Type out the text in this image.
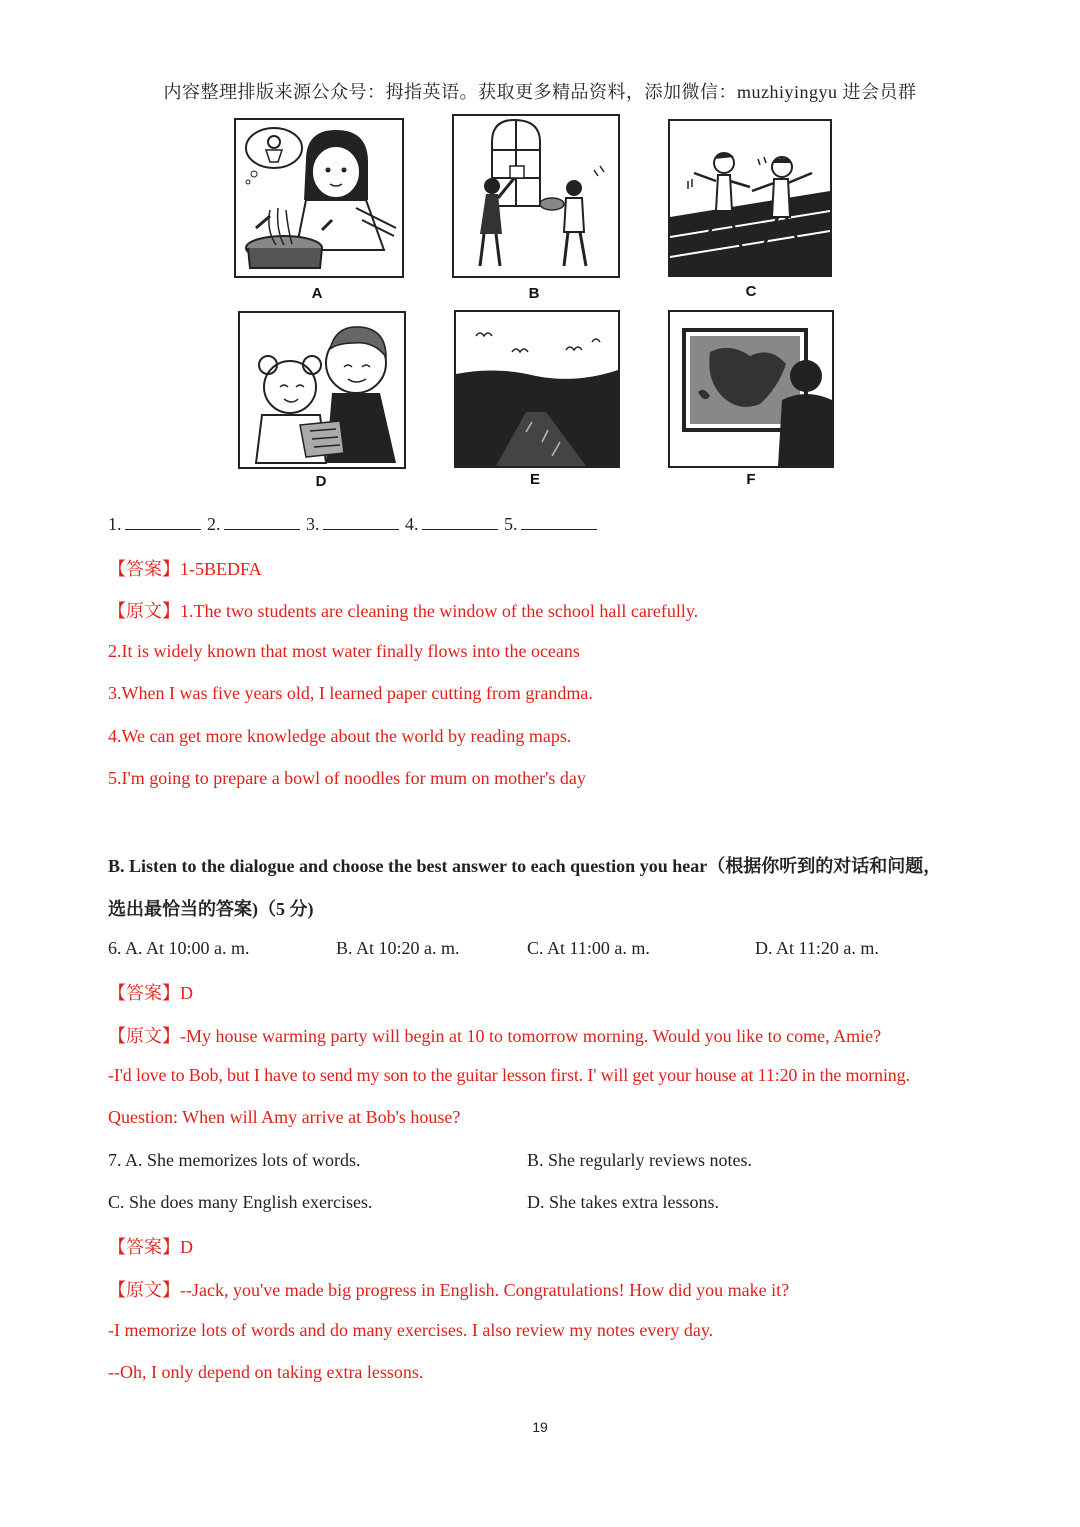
内容整理排版来源公众号：拇指英语。获取更多精品资料，添加微信：muzhiyingyu 进会员群
A	B	C
D	E	F
1.	2.	3.	4.	5.
【答案】1-5BEDFA
【原文】1.The two students are cleaning the window of the school hall carefully.
2.It is widely known that most water finally flows into the oceans
3.When I was five years old, I learned paper cutting from grandma.
4.We can get more knowledge about the world by reading maps.
5.I'm going to prepare a bowl of noodles for mum on mother's day
B. Listen to the dialogue and choose the best answer to each question you hear（根据你听到的对话和问题，
选出最恰当的答案)（5 分)
6. A. At 10:00 a. m.	B. At 10:20 a. m.	C. At 11:00 a. m.	D. At 11:20 a. m.
【答案】D
【原文】-My house warming party will begin at 10 to tomorrow morning. Would you like to come, Amie?
-I'd love to Bob, but I have to send my son to the guitar lesson first. I' will get your house at 11:20 in the morning.
Question: When will Amy arrive at Bob's house?
7. A. She memorizes lots of words.	B. She regularly reviews notes.
C. She does many English exercises.	D. She takes extra lessons.
【答案】D
【原文】--Jack, you've made big progress in English. Congratulations! How did you make it?
-I memorize lots of words and do many exercises. I also review my notes every day.
--Oh, I only depend on taking extra lessons.
19
